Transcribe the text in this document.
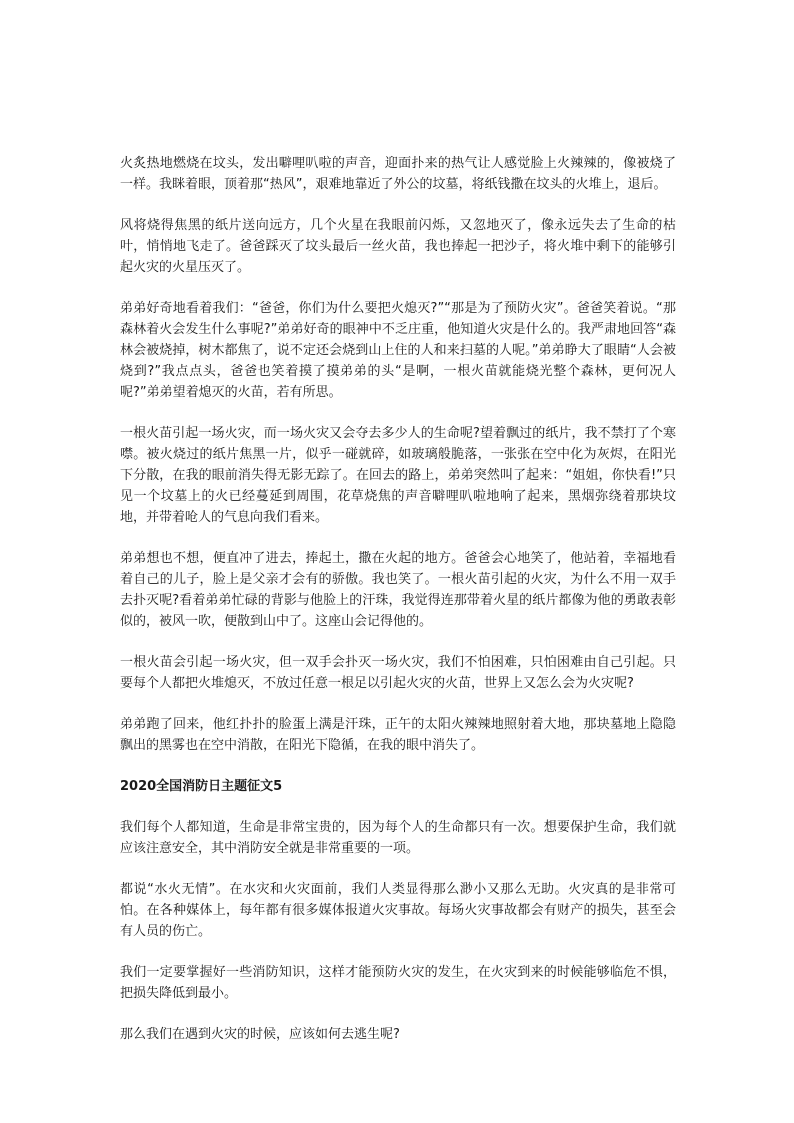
火炙热地燃烧在坟头，发出噼哩叭啦的声音，迎面扑来的热气让人感觉脸上火辣辣的，像被烧了一样。我眯着眼，顶着那“热风”，艰难地靠近了外公的坟墓，将纸钱撒在坟头的火堆上，退后。

风将烧得焦黑的纸片送向远方，几个火星在我眼前闪烁，又忽地灭了，像永远失去了生命的枯叶，悄悄地飞走了。爸爸踩灭了坟头最后一丝火苗，我也捧起一把沙子，将火堆中剩下的能够引起火灾的火星压灭了。

弟弟好奇地看着我们：“爸爸，你们为什么要把火熄灭?”“那是为了预防火灾”。爸爸笑着说。“那森林着火会发生什么事呢?”弟弟好奇的眼神中不乏庄重，他知道火灾是什么的。我严肃地回答“森林会被烧掉，树木都焦了，说不定还会烧到山上住的人和来扫墓的人呢。”弟弟睁大了眼睛“人会被烧到?”我点点头，爸爸也笑着摸了摸弟弟的头“是啊，一根火苗就能烧光整个森林，更何况人呢?”弟弟望着熄灭的火苗，若有所思。

一根火苗引起一场火灾，而一场火灾又会夺去多少人的生命呢?望着飘过的纸片，我不禁打了个寒噤。被火烧过的纸片焦黑一片，似乎一碰就碎，如玻璃般脆落，一张张在空中化为灰烬，在阳光下分散，在我的眼前消失得无影无踪了。在回去的路上，弟弟突然叫了起来：“姐姐，你快看!”只见一个坟墓上的火已经蔓延到周围，花草烧焦的声音噼哩叭啦地响了起来，黑烟弥绕着那块坟地，并带着呛人的气息向我们看来。

弟弟想也不想，便直冲了进去，捧起土，撒在火起的地方。爸爸会心地笑了，他站着，幸福地看着自己的儿子，脸上是父亲才会有的骄傲。我也笑了。一根火苗引起的火灾，为什么不用一双手去扑灭呢?看着弟弟忙碌的背影与他脸上的汗珠，我觉得连那带着火星的纸片都像为他的勇敢表彰似的，被风一吹，便散到山中了。这座山会记得他的。

一根火苗会引起一场火灾，但一双手会扑灭一场火灾，我们不怕困难，只怕困难由自己引起。只要每个人都把火堆熄灭，不放过任意一根足以引起火灾的火苗，世界上又怎么会为火灾呢?

弟弟跑了回来，他红扑扑的脸蛋上满是汗珠，正午的太阳火辣辣地照射着大地，那块墓地上隐隐飘出的黑雾也在空中消散，在阳光下隐循，在我的眼中消失了。

2020全国消防日主题征文5

我们每个人都知道，生命是非常宝贵的，因为每个人的生命都只有一次。想要保护生命，我们就应该注意安全，其中消防安全就是非常重要的一项。

都说“水火无情”。在水灾和火灾面前，我们人类显得那么渺小又那么无助。火灾真的是非常可怕。在各种媒体上，每年都有很多媒体报道火灾事故。每场火灾事故都会有财产的损失，甚至会有人员的伤亡。

我们一定要掌握好一些消防知识，这样才能预防火灾的发生，在火灾到来的时候能够临危不惧，把损失降低到最小。

那么我们在遇到火灾的时候，应该如何去逃生呢?
